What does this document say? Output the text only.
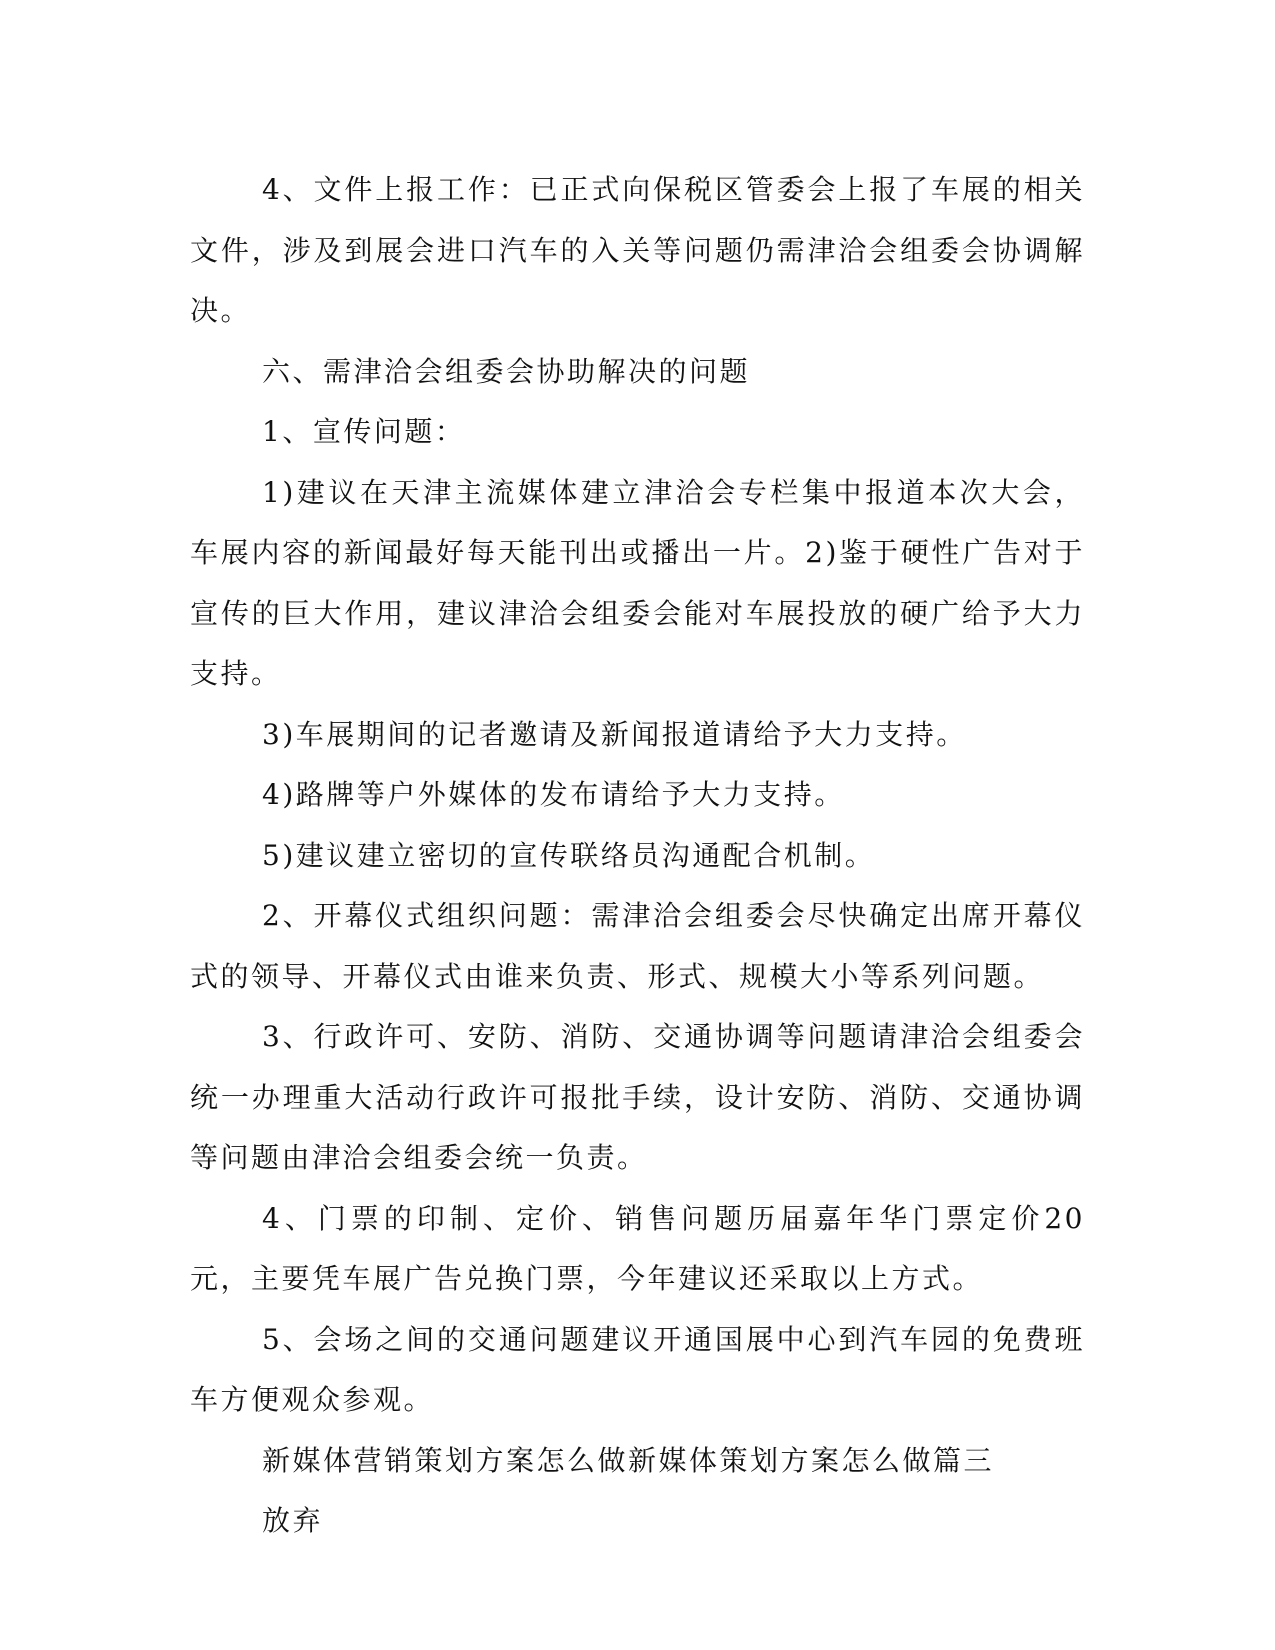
4、文件上报工作：已正式向保税区管委会上报了车展的相关文件，涉及到展会进口汽车的入关等问题仍需津洽会组委会协调解决。

六、需津洽会组委会协助解决的问题

1、宣传问题：

1)建议在天津主流媒体建立津洽会专栏集中报道本次大会，车展内容的新闻最好每天能刊出或播出一片。2)鉴于硬性广告对于宣传的巨大作用，建议津洽会组委会能对车展投放的硬广给予大力支持。

3)车展期间的记者邀请及新闻报道请给予大力支持。

4)路牌等户外媒体的发布请给予大力支持。

5)建议建立密切的宣传联络员沟通配合机制。

2、开幕仪式组织问题：需津洽会组委会尽快确定出席开幕仪式的领导、开幕仪式由谁来负责、形式、规模大小等系列问题。

3、行政许可、安防、消防、交通协调等问题请津洽会组委会统一办理重大活动行政许可报批手续，设计安防、消防、交通协调等问题由津洽会组委会统一负责。

4、门票的印制、定价、销售问题历届嘉年华门票定价20元，主要凭车展广告兑换门票，今年建议还采取以上方式。

5、会场之间的交通问题建议开通国展中心到汽车园的免费班车方便观众参观。

新媒体营销策划方案怎么做新媒体策划方案怎么做篇三

放弃
